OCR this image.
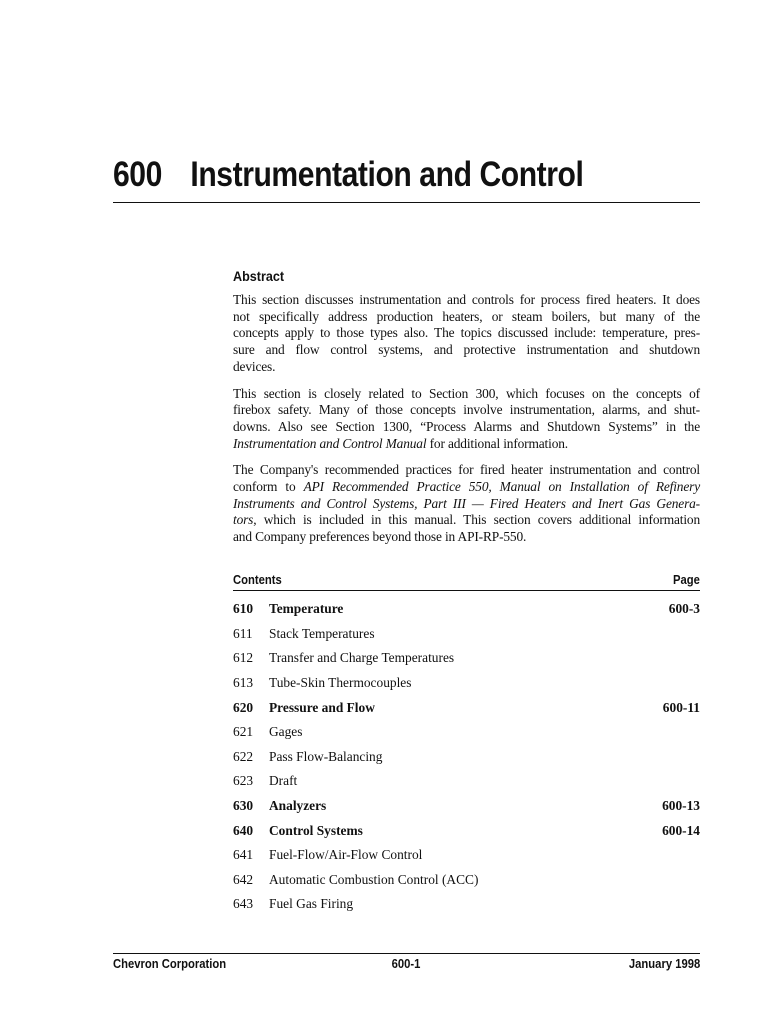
600 Instrumentation and Control
Abstract

This section discusses instrumentation and controls for process fired heaters. It does
not specifically address production heaters, or steam boilers, but many of the
concepts apply to those types also. The topics discussed include: temperature, pres-
sure and flow control systems, and protective instrumentation and shutdown
devices.

This section is closely related to Section 300, which focuses on the concepts of
firebox safety. Many of those concepts involve instrumentation, alarms, and shut-
downs. Also see Section 1300, “Process Alarms and Shutdown Systems” in the
Instrumentation and Control Manual for additional information.

The Company's recommended practices for fired heater instrumentation and control
conform to API Recommended Practice 550, Manual on Installation of Refinery
Instruments and Control Systems, Part III — Fired Heaters and Inert Gas Genera-
tors, which is included in this manual. This section covers additional information
and Company preferences beyond those in API-RP-550.

Contents	Page
610	Temperature	600-3
611	Stack Temperatures
612	Transfer and Charge Temperatures
613	Tube-Skin Thermocouples
620	Pressure and Flow	600-11
621	Gages
622	Pass Flow-Balancing
623	Draft
630	Analyzers	600-13
640	Control Systems	600-14
641	Fuel-Flow/Air-Flow Control
642	Automatic Combustion Control (ACC)
643	Fuel Gas Firing
Chevron Corporation	600-1	January 1998
